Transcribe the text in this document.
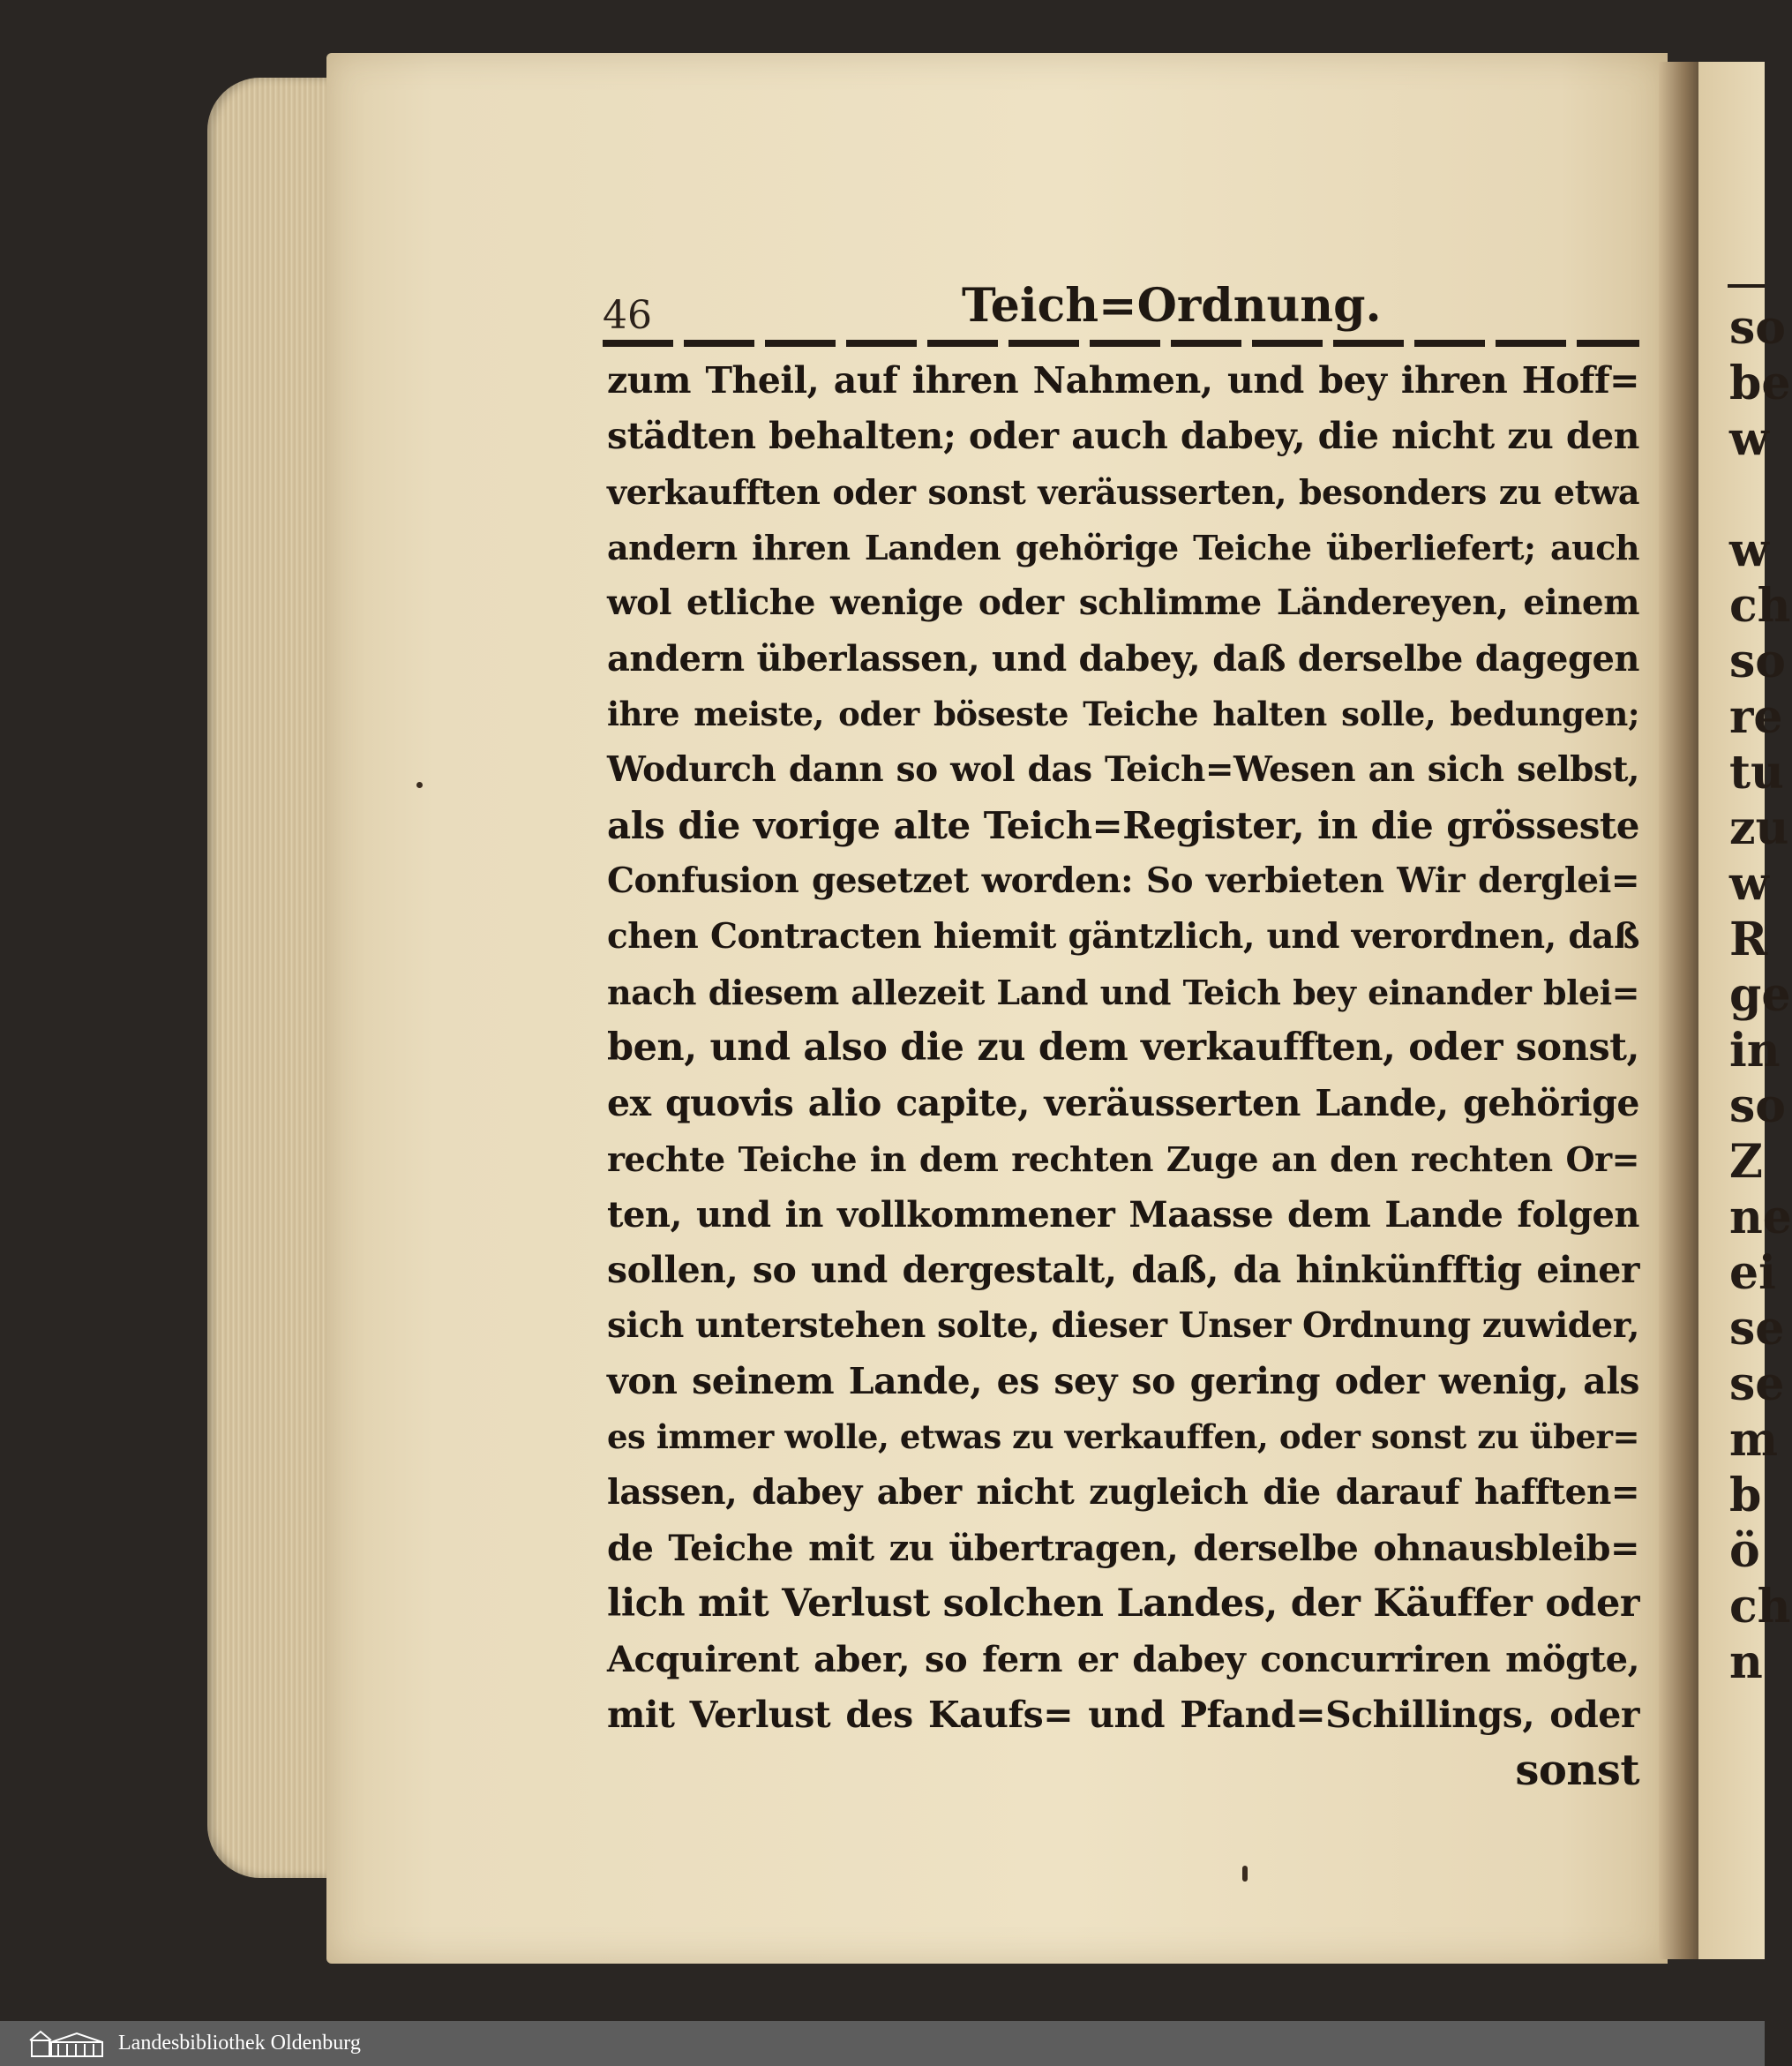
so
be
w
w
ch
so
re
tu
zu
w
R
ge
in
so
Z
ne
ei
se
se
m
b
ö
ch
n
46	Teich=Ordnung.
zum Theil, auf ihren Nahmen, und bey ihren Hoff=
städten behalten; oder auch dabey, die nicht zu den
verkaufften oder sonst veräusserten, besonders zu etwa
andern ihren Landen gehörige Teiche überliefert; auch
wol etliche wenige oder schlimme Ländereyen, einem
andern überlassen, und dabey, daß derselbe dagegen
ihre meiste, oder böseste Teiche halten solle, bedungen;
Wodurch dann so wol das Teich=Wesen an sich selbst,
als die vorige alte Teich=Register, in die grösseste
Confusion gesetzet worden: So verbieten Wir derglei=
chen Contracten hiemit gäntzlich, und verordnen, daß
nach diesem allezeit Land und Teich bey einander blei=
ben, und also die zu dem verkaufften, oder sonst,
ex quovis alio capite, veräusserten Lande, gehörige
rechte Teiche in dem rechten Zuge an den rechten Or=
ten, und in vollkommener Maasse dem Lande folgen
sollen, so und dergestalt, daß, da hinkünfftig einer
sich unterstehen solte, dieser Unser Ordnung zuwider,
von seinem Lande, es sey so gering oder wenig, als
es immer wolle, etwas zu verkauffen, oder sonst zu über=
lassen, dabey aber nicht zugleich die darauf hafften=
de Teiche mit zu übertragen, derselbe ohnausbleib=
lich mit Verlust solchen Landes, der Käuffer oder
Acquirent aber, so fern er dabey concurriren mögte,
mit Verlust des Kaufs= und Pfand=Schillings, oder
sonst
Landesbibliothek Oldenburg
